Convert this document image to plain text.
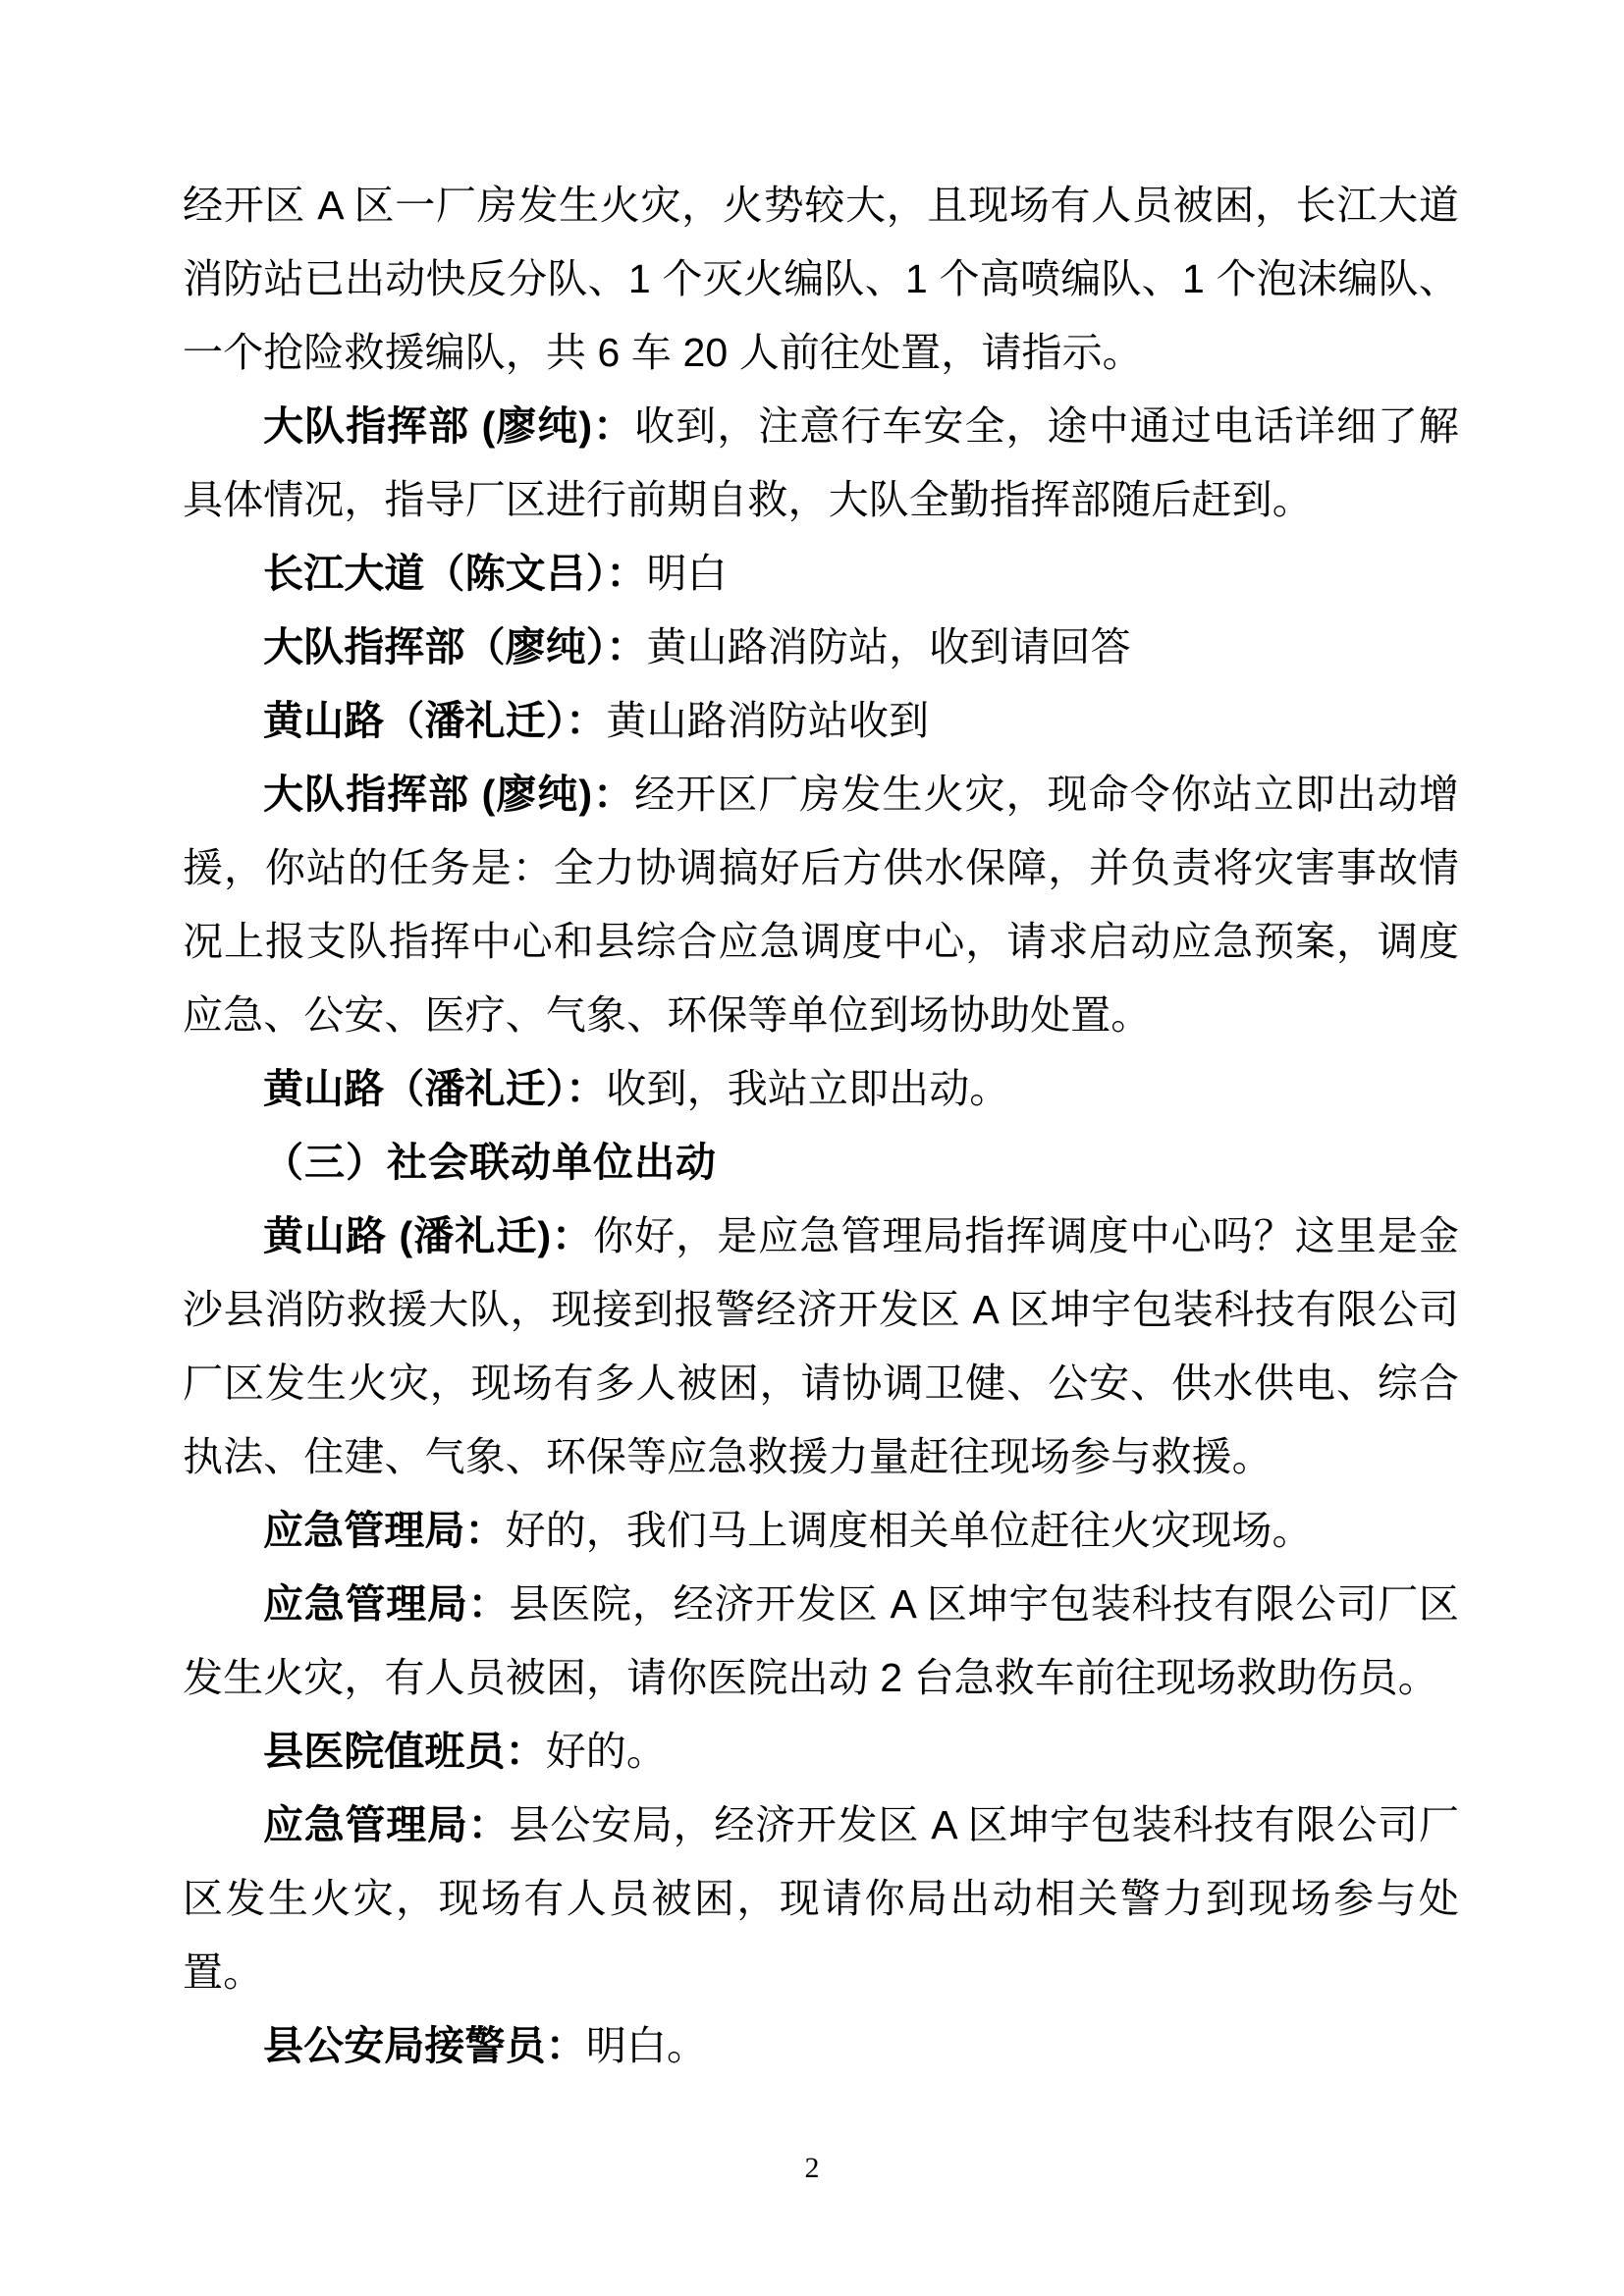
经开区 A 区一厂房发生火灾，火势较大，且现场有人员被困，长江大道消防站已出动快反分队、1 个灭火编队、1 个高喷编队、1 个泡沫编队、一个抢险救援编队，共 6 车 20 人前往处置，请指示。
大队指挥部 (廖纯)：收到，注意行车安全，途中通过电话详细了解具体情况，指导厂区进行前期自救，大队全勤指挥部随后赶到。
长江大道（陈文吕）：明白
大队指挥部（廖纯）：黄山路消防站，收到请回答
黄山路（潘礼迁）：黄山路消防站收到
大队指挥部 (廖纯)：经开区厂房发生火灾，现命令你站立即出动增援，你站的任务是：全力协调搞好后方供水保障，并负责将灾害事故情况上报支队指挥中心和县综合应急调度中心，请求启动应急预案，调度应急、公安、医疗、气象、环保等单位到场协助处置。
黄山路（潘礼迁）：收到，我站立即出动。
（三）社会联动单位出动
黄山路 (潘礼迁)：你好，是应急管理局指挥调度中心吗？这里是金沙县消防救援大队，现接到报警经济开发区 A 区坤宇包装科技有限公司厂区发生火灾，现场有多人被困，请协调卫健、公安、供水供电、综合执法、住建、气象、环保等应急救援力量赶往现场参与救援。
应急管理局：好的，我们马上调度相关单位赶往火灾现场。
应急管理局：县医院，经济开发区 A 区坤宇包装科技有限公司厂区发生火灾，有人员被困，请你医院出动 2 台急救车前往现场救助伤员。
县医院值班员：好的。
应急管理局：县公安局，经济开发区 A 区坤宇包装科技有限公司厂区发生火灾，现场有人员被困，现请你局出动相关警力到现场参与处置。
县公安局接警员：明白。
2
